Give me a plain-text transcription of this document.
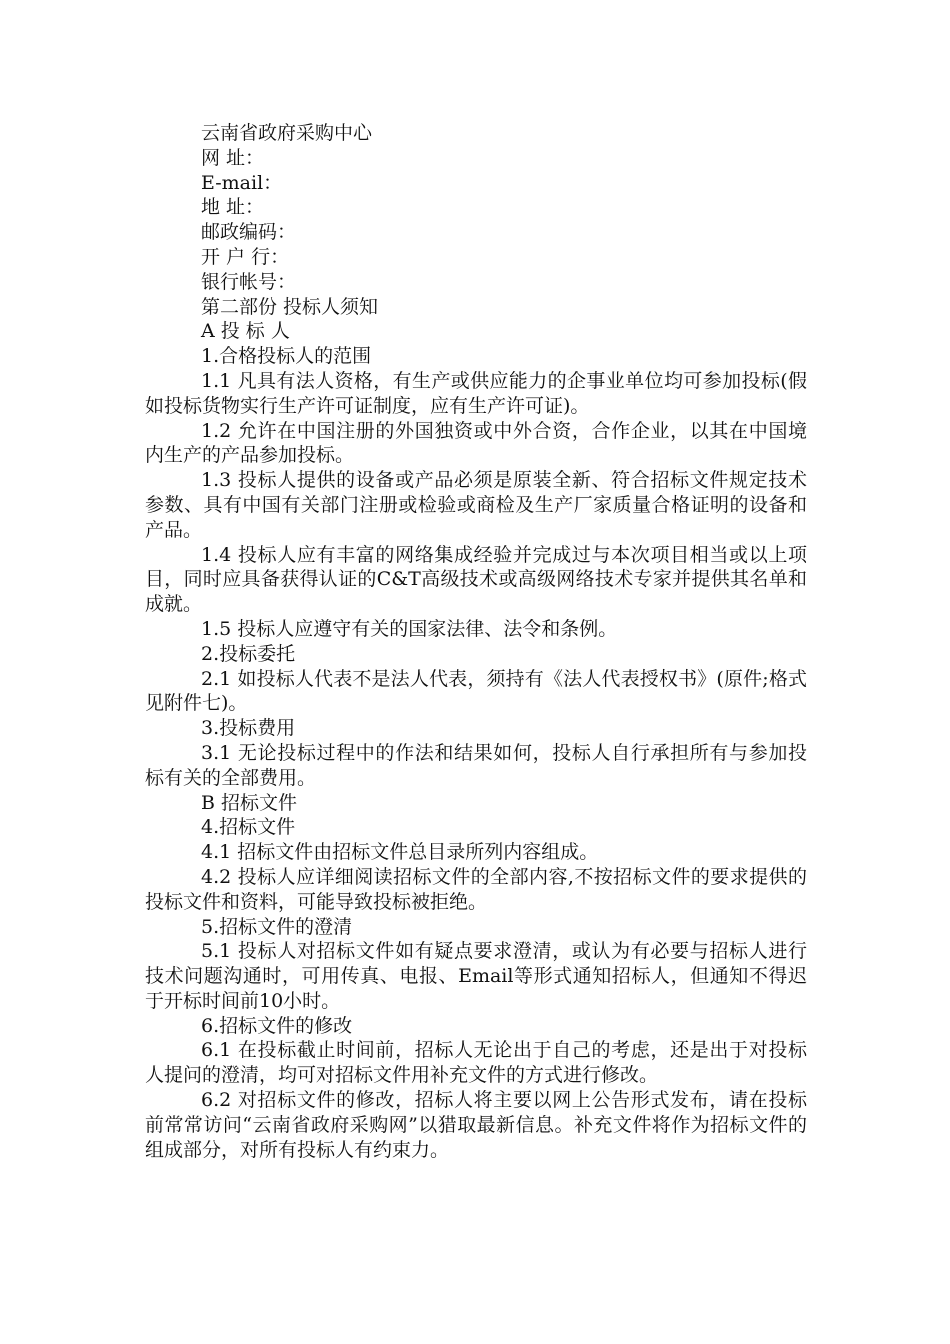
云南省政府采购中心
网 址：
E-mail：
地 址：
邮政编码：
开 户 行：
银行帐号：
第二部份 投标人须知
A 投 标 人
1.合格投标人的范围

1.1 凡具有法人资格，有生产或供应能力的企事业单位均可参加投标(假如投标货物实行生产许可证制度，应有生产许可证)。

1.2 允许在中国注册的外国独资或中外合资，合作企业，以其在中国境内生产的产品参加投标。

1.3 投标人提供的设备或产品必须是原装全新、符合招标文件规定技术参数、具有中国有关部门注册或检验或商检及生产厂家质量合格证明的设备和产品。

1.4 投标人应有丰富的网络集成经验并完成过与本次项目相当或以上项目，同时应具备获得认证的C&T高级技术或高级网络技术专家并提供其名单和成就。

1.5 投标人应遵守有关的国家法律、法令和条例。

2.投标委托

2.1 如投标人代表不是法人代表，须持有《法人代表授权书》(原件;格式见附件七)。

3.投标费用

3.1 无论投标过程中的作法和结果如何，投标人自行承担所有与参加投标有关的全部费用。

B 招标文件
4.招标文件

4.1 招标文件由招标文件总目录所列内容组成。

4.2 投标人应详细阅读招标文件的全部内容,不按招标文件的要求提供的投标文件和资料，可能导致投标被拒绝。

5.招标文件的澄清

5.1 投标人对招标文件如有疑点要求澄清，或认为有必要与招标人进行技术问题沟通时，可用传真、电报、Email等形式通知招标人，但通知不得迟于开标时间前10小时。

6.招标文件的修改

6.1 在投标截止时间前，招标人无论出于自己的考虑，还是出于对投标人提问的澄清，均可对招标文件用补充文件的方式进行修改。

6.2 对招标文件的修改，招标人将主要以网上公告形式发布，请在投标前常常访问“云南省政府采购网”以猎取最新信息。补充文件将作为招标文件的组成部分，对所有投标人有约束力。
